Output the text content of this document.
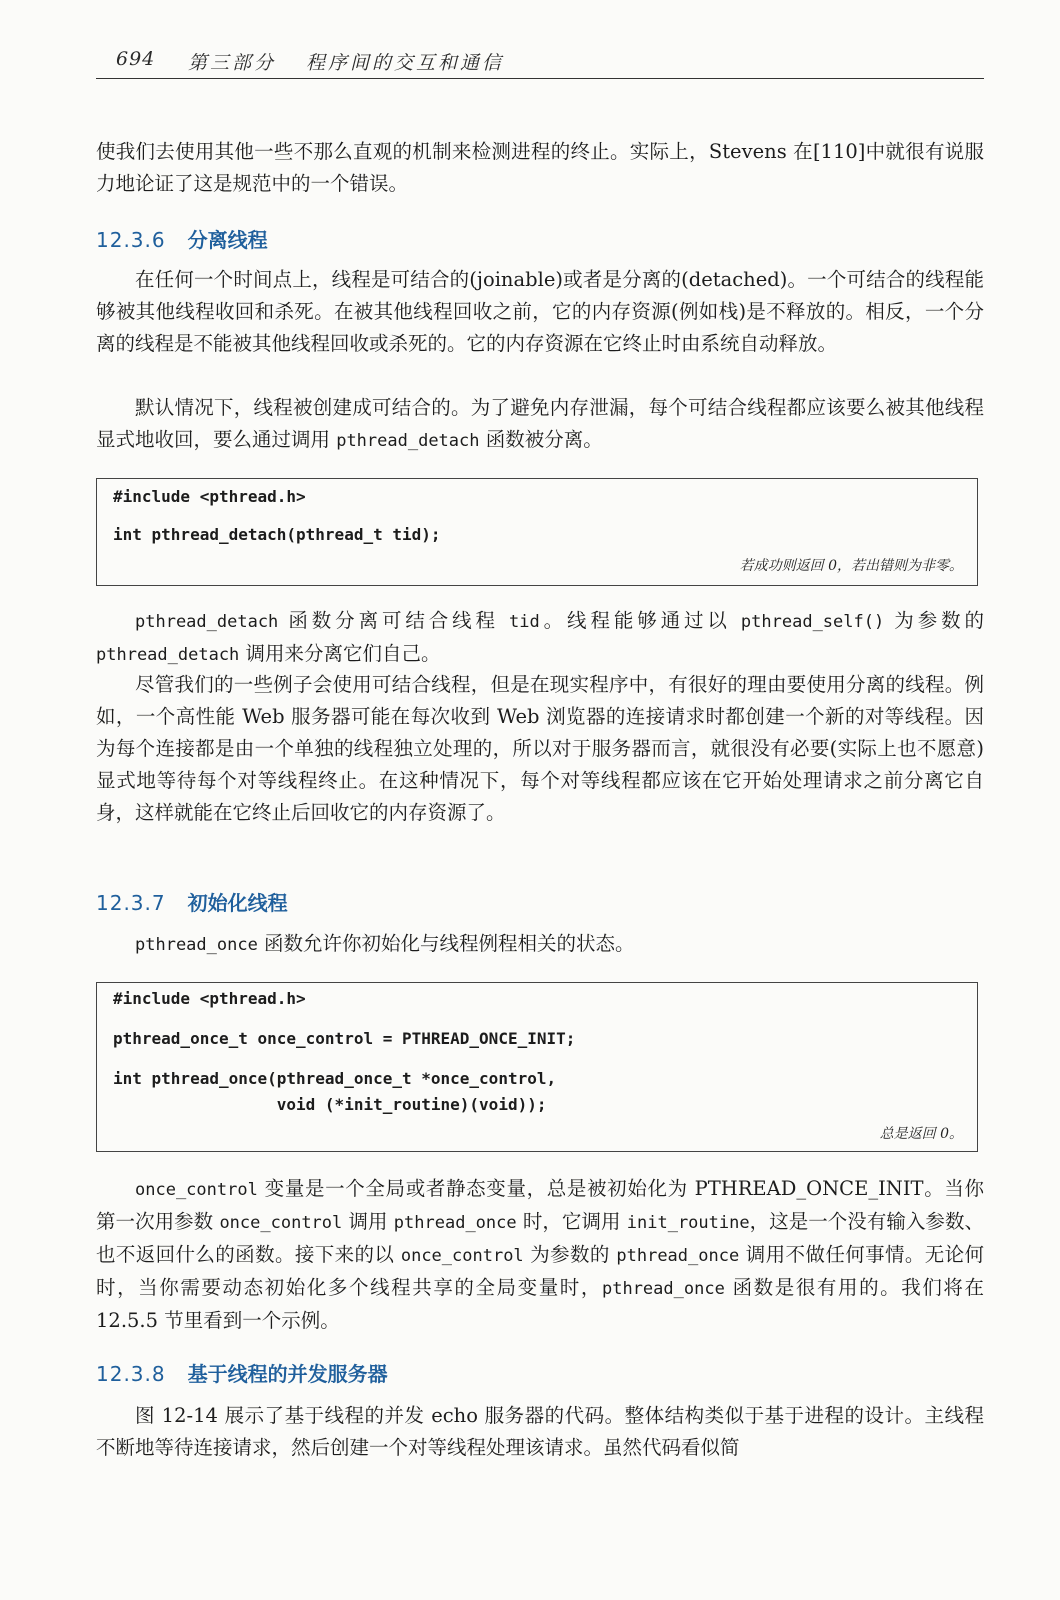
694 第三部分 程序间的交互和通信

使我们去使用其他一些不那么直观的机制来检测进程的终止。实际上，Stevens 在[110]中就很有说服力地论证了这是规范中的一个错误。

12.3.6 分离线程

在任何一个时间点上，线程是可结合的(joinable)或者是分离的(detached)。一个可结合的线程能够被其他线程收回和杀死。在被其他线程回收之前，它的内存资源(例如栈)是不释放的。相反，一个分离的线程是不能被其他线程回收或杀死的。它的内存资源在它终止时由系统自动释放。

默认情况下，线程被创建成可结合的。为了避免内存泄漏，每个可结合线程都应该要么被其他线程显式地收回，要么通过调用 pthread_detach 函数被分离。

#include <pthread.h>
int pthread_detach(pthread_t tid);
若成功则返回 0，若出错则为非零。

pthread_detach 函数分离可结合线程 tid。线程能够通过以 pthread_self() 为参数的 pthread_detach 调用来分离它们自己。

尽管我们的一些例子会使用可结合线程，但是在现实程序中，有很好的理由要使用分离的线程。例如，一个高性能 Web 服务器可能在每次收到 Web 浏览器的连接请求时都创建一个新的对等线程。因为每个连接都是由一个单独的线程独立处理的，所以对于服务器而言，就很没有必要(实际上也不愿意)显式地等待每个对等线程终止。在这种情况下，每个对等线程都应该在它开始处理请求之前分离它自身，这样就能在它终止后回收它的内存资源了。

12.3.7 初始化线程

pthread_once 函数允许你初始化与线程例程相关的状态。

#include <pthread.h>
pthread_once_t once_control = PTHREAD_ONCE_INIT;
int pthread_once(pthread_once_t *once_control,
void (*init_routine)(void));
总是返回 0。

once_control 变量是一个全局或者静态变量，总是被初始化为 PTHREAD_ONCE_INIT。当你第一次用参数 once_control 调用 pthread_once 时，它调用 init_routine，这是一个没有输入参数、也不返回什么的函数。接下来的以 once_control 为参数的 pthread_once 调用不做任何事情。无论何时，当你需要动态初始化多个线程共享的全局变量时，pthread_once 函数是很有用的。我们将在 12.5.5 节里看到一个示例。

12.3.8 基于线程的并发服务器

图 12-14 展示了基于线程的并发 echo 服务器的代码。整体结构类似于基于进程的设计。主线程不断地等待连接请求，然后创建一个对等线程处理该请求。虽然代码看似简
